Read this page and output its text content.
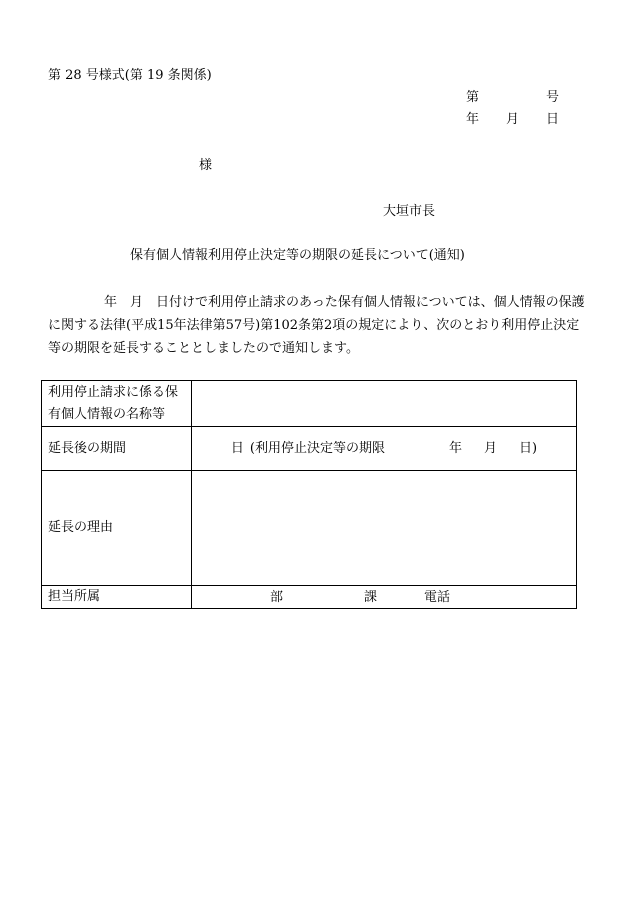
第 28 号様式(第 19 条関係)
第	号
年 月 日
様
大垣市長
保有個人情報利用停止決定等の期限の延長について(通知)

年　月　日付けで利用停止請求のあった保有個人情報については、個人情報の保護に関する法律(平成15年法律第57号)第102条第2項の規定により、次のとおり利用停止決定等の期限を延長することとしましたので通知します。

利用停止請求に係る保
有個人情報の名称等	

延長後の期間	日 (利用停止決定等の期限 年 月 日)

延長の理由	
担当所属	部 課 電話
